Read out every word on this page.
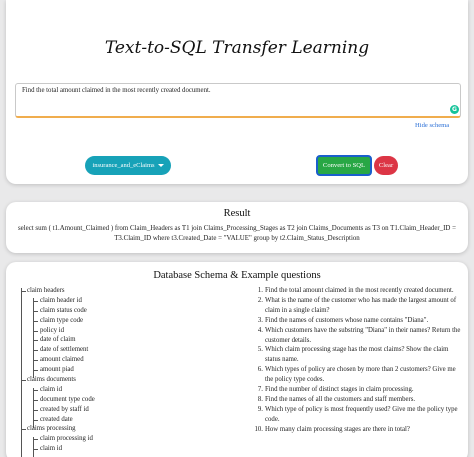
Text-to-SQL Transfer Learning
Find the total amount claimed in the most recently created document.
G
Hide schema
insurance_and_eClaims	Convert to SQL	Clear
Result
select sum ( t1.Amount_Claimed ) from Claim_Headers as T1 join Claims_Processing_Stages as T2 join Claims_Documents as T3 on T1.Claim_Header_ID = T3.Claim_ID where t3.Created_Date = "VALUE" group by t2.Claim_Status_Description
Database Schema & Example questions
claim headers
claim header id
claim status code
claim type code
policy id
date of claim
date of settlement
amount claimed
amount piad
claims documents
claim id
document type code
created by staff id
created date
claims processing
claim processing id
claim id
1. Find the total amount claimed in the most recently created document.
2. What is the name of the customer who has made the largest amount of claim in a single claim?
3. Find the names of customers whose name contains "Diana".
4. Which customers have the substring "Diana" in their names? Return the customer details.
5. Which claim processing stage has the most claims? Show the claim status name.
6. Which types of policy are chosen by more than 2 customers? Give me the policy type codes.
7. Find the number of distinct stages in claim processing.
8. Find the names of all the customers and staff members.
9. Which type of policy is most frequently used? Give me the policy type code.
10. How many claim processing stages are there in total?
